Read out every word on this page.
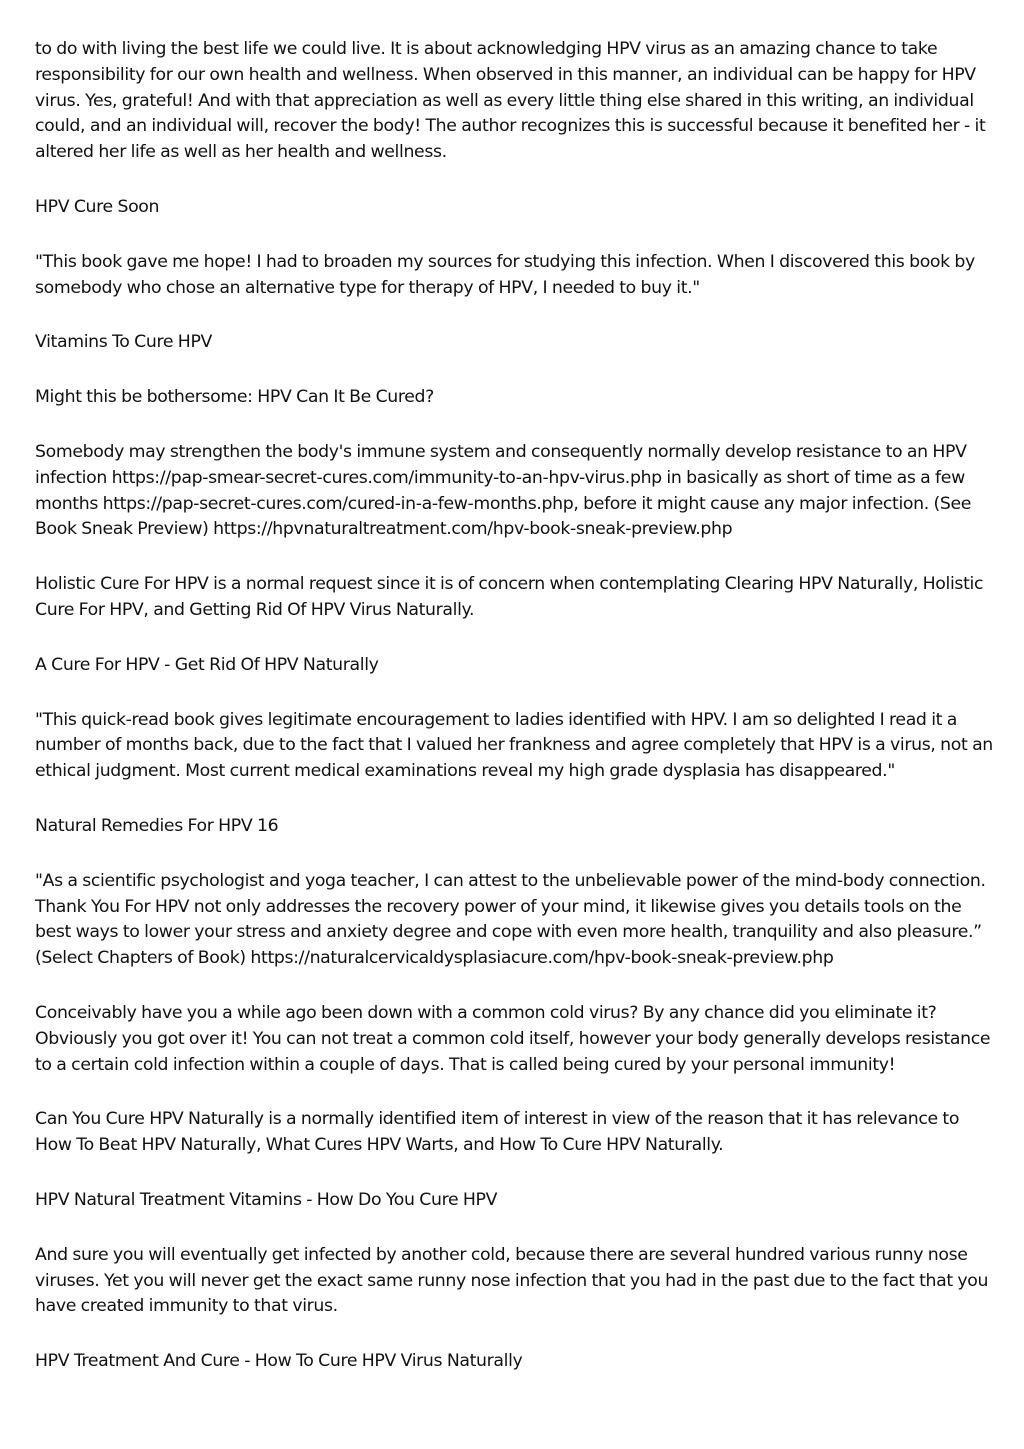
to do with living the best life we could live. It is about acknowledging HPV virus as an amazing chance to take responsibility for our own health and wellness. When observed in this manner, an individual can be happy for HPV virus. Yes, grateful! And with that appreciation as well as every little thing else shared in this writing, an individual could, and an individual will, recover the body! The author recognizes this is successful because it benefited her - it altered her life as well as her health and wellness.

HPV Cure Soon

"This book gave me hope! I had to broaden my sources for studying this infection. When I discovered this book by somebody who chose an alternative type for therapy of HPV, I needed to buy it."

Vitamins To Cure HPV

Might this be bothersome: HPV Can It Be Cured?

Somebody may strengthen the body's immune system and consequently normally develop resistance to an HPV infection https://pap-smear-secret-cures.com/immunity-to-an-hpv-virus.php in basically as short of time as a few months https://pap-secret-cures.com/cured-in-a-few-months.php, before it might cause any major infection. (See Book Sneak Preview) https://hpvnaturaltreatment.com/hpv-book-sneak-preview.php

Holistic Cure For HPV is a normal request since it is of concern when contemplating Clearing HPV Naturally, Holistic Cure For HPV, and Getting Rid Of HPV Virus Naturally.

A Cure For HPV - Get Rid Of HPV Naturally

"This quick-read book gives legitimate encouragement to ladies identified with HPV. I am so delighted I read it a number of months back, due to the fact that I valued her frankness and agree completely that HPV is a virus, not an ethical judgment. Most current medical examinations reveal my high grade dysplasia has disappeared."

Natural Remedies For HPV 16

"As a scientific psychologist and yoga teacher, I can attest to the unbelievable power of the mind-body connection. Thank You For HPV not only addresses the recovery power of your mind, it likewise gives you details tools on the best ways to lower your stress and anxiety degree and cope with even more health, tranquility and also pleasure.” (Select Chapters of Book) https://naturalcervicaldysplasiacure.com/hpv-book-sneak-preview.php

Conceivably have you a while ago been down with a common cold virus? By any chance did you eliminate it? Obviously you got over it! You can not treat a common cold itself, however your body generally develops resistance to a certain cold infection within a couple of days. That is called being cured by your personal immunity!

Can You Cure HPV Naturally is a normally identified item of interest in view of the reason that it has relevance to How To Beat HPV Naturally, What Cures HPV Warts, and How To Cure HPV Naturally.

HPV Natural Treatment Vitamins - How Do You Cure HPV

And sure you will eventually get infected by another cold, because there are several hundred various runny nose viruses. Yet you will never get the exact same runny nose infection that you had in the past due to the fact that you have created immunity to that virus.

HPV Treatment And Cure - How To Cure HPV Virus Naturally
